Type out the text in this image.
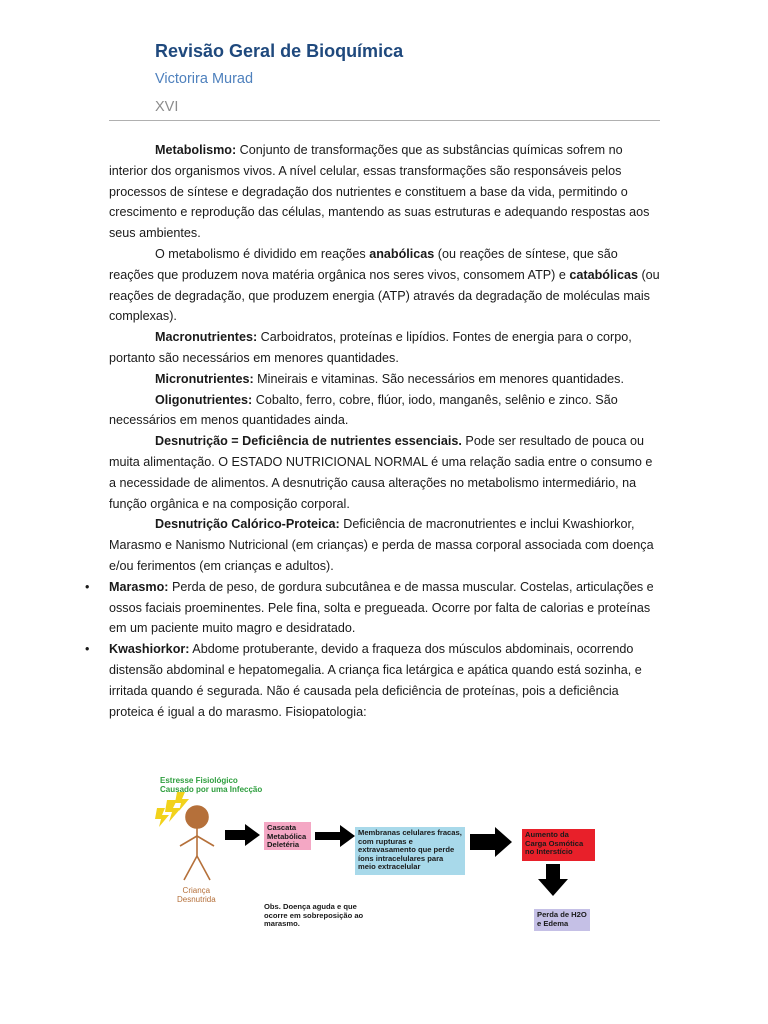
Revisão Geral de Bioquímica
Victorira Murad
XVI

Metabolismo: Conjunto de transformações que as substâncias químicas sofrem no interior dos organismos vivos. A nível celular, essas transformações são responsáveis pelos processos de síntese e degradação dos nutrientes e constituem a base da vida, permitindo o crescimento e reprodução das células, mantendo as suas estruturas e adequando respostas aos seus ambientes.

O metabolismo é dividido em reações anabólicas (ou reações de síntese, que são reações que produzem nova matéria orgânica nos seres vivos, consomem ATP) e catabólicas (ou reações de degradação, que produzem energia (ATP) através da degradação de moléculas mais complexas).

Macronutrientes: Carboidratos, proteínas e lipídios. Fontes de energia para o corpo, portanto são necessários em menores quantidades.

Micronutrientes: Mineirais e vitaminas. São necessários em menores quantidades.

Oligonutrientes: Cobalto, ferro, cobre, flúor, iodo, manganês, selênio e zinco. São necessários em menos quantidades ainda.

Desnutrição = Deficiência de nutrientes essenciais. Pode ser resultado de pouca ou muita alimentação. O ESTADO NUTRICIONAL NORMAL é uma relação sadia entre o consumo e a necessidade de alimentos. A desnutrição causa alterações no metabolismo intermediário, na função orgânica e na composição corporal.

Desnutrição Calórico-Proteica: Deficiência de macronutrientes e inclui Kwashiorkor, Marasmo e Nanismo Nutricional (em crianças) e perda de massa corporal associada com doença e/ou ferimentos (em crianças e adultos).

• Marasmo: Perda de peso, de gordura subcutânea e de massa muscular. Costelas, articulações e ossos faciais proeminentes. Pele fina, solta e pregueada. Ocorre por falta de calorias e proteínas em um paciente muito magro e desidratado.

• Kwashiorkor: Abdome protuberante, devido a fraqueza dos músculos abdominais, ocorrendo distensão abdominal e hepatomegalia. A criança fica letárgica e apática quando está sozinha, e irritada quando é segurada. Não é causada pela deficiência de proteínas, pois a deficiência proteica é igual a do marasmo. Fisiopatologia:

Estresse Fisiológico
Causado por uma Infecção
Criança
Desnutrida
Cascata Metabólica Deletéria
Membranas celulares fracas, com rupturas e extravasamento que perde íons intracelulares para meio extracelular
Aumento da Carga Osmótica no Interstício
Perda de H2O e Edema
Obs. Doença aguda e que ocorre em sobreposição ao marasmo.
